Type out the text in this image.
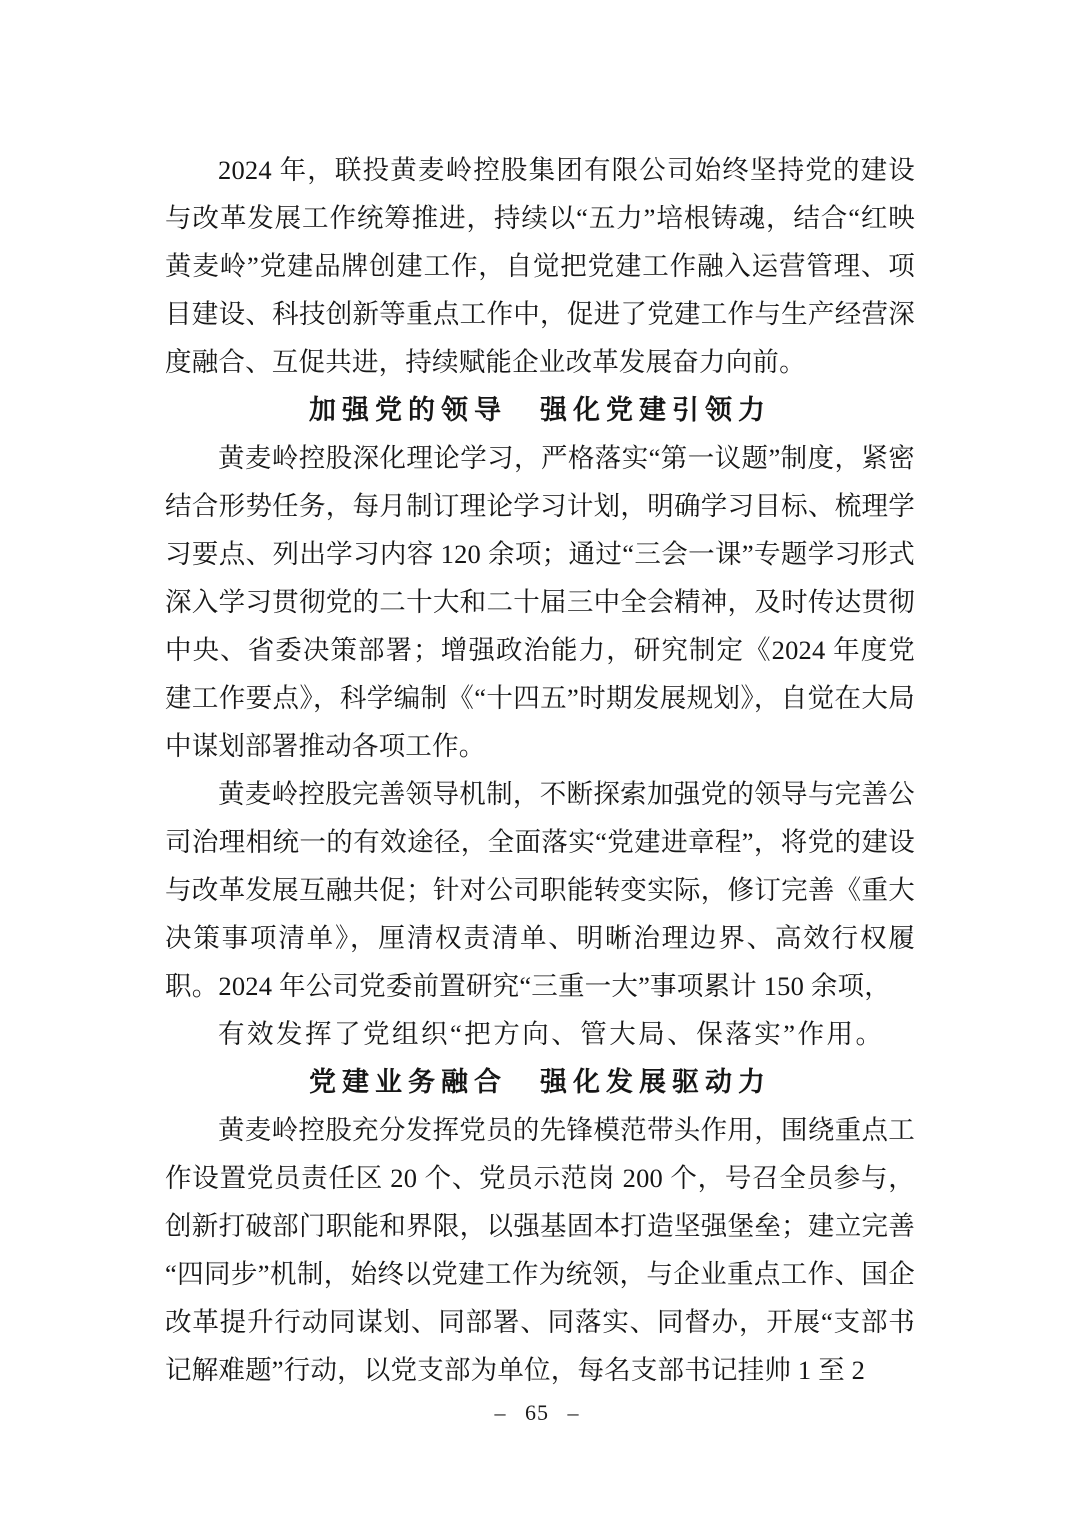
2024 年，联投黄麦岭控股集团有限公司始终坚持党的建设与改革发展工作统筹推进，持续以“五力”培根铸魂，结合“红映黄麦岭”党建品牌创建工作，自觉把党建工作融入运营管理、项目建设、科技创新等重点工作中，促进了党建工作与生产经营深度融合、互促共进，持续赋能企业改革发展奋力向前。

加强党的领导　强化党建引领力

黄麦岭控股深化理论学习，严格落实“第一议题”制度，紧密结合形势任务，每月制订理论学习计划，明确学习目标、梳理学习要点、列出学习内容 120 余项；通过“三会一课”专题学习形式深入学习贯彻党的二十大和二十届三中全会精神，及时传达贯彻中央、省委决策部署；增强政治能力，研究制定《2024 年度党建工作要点》，科学编制《“十四五”时期发展规划》，自觉在大局中谋划部署推动各项工作。

黄麦岭控股完善领导机制，不断探索加强党的领导与完善公司治理相统一的有效途径，全面落实“党建进章程”，将党的建设与改革发展互融共促；针对公司职能转变实际，修订完善《重大决策事项清单》，厘清权责清单、明晰治理边界、高效行权履职。2024 年公司党委前置研究“三重一大”事项累计 150 余项，

有效发挥了党组织“把方向、管大局、保落实”作用。

党建业务融合　强化发展驱动力

黄麦岭控股充分发挥党员的先锋模范带头作用，围绕重点工作设置党员责任区 20 个、党员示范岗 200 个，号召全员参与，创新打破部门职能和界限，以强基固本打造坚强堡垒；建立完善“四同步”机制，始终以党建工作为统领，与企业重点工作、国企改革提升行动同谋划、同部署、同落实、同督办，开展“支部书记解难题”行动，以党支部为单位，每名支部书记挂帅 1 至 2

– 65 –
